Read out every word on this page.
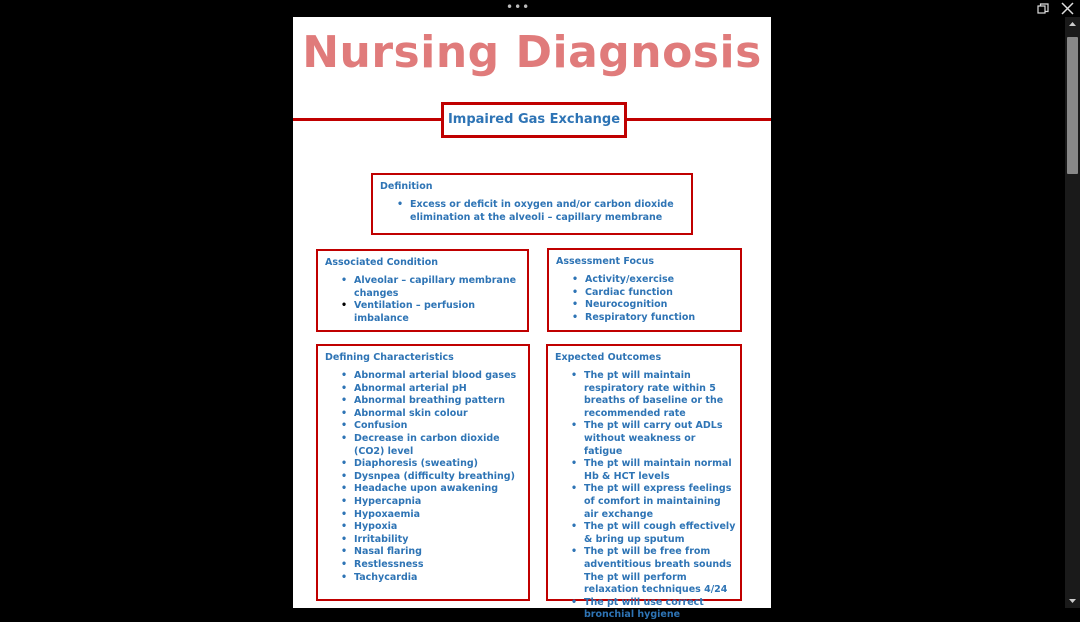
•••
Nursing Diagnosis
Impaired Gas Exchange
Definition
• Excess or deficit in oxygen and/or carbon dioxide elimination at the alveoli – capillary membrane
Associated Condition
• Alveolar – capillary membrane changes
• Ventilation – perfusion imbalance
Assessment Focus
• Activity/exercise
• Cardiac function
• Neurocognition
• Respiratory function
Defining Characteristics
• Abnormal arterial blood gases
• Abnormal arterial pH
• Abnormal breathing pattern
• Abnormal skin colour
• Confusion
• Decrease in carbon dioxide (CO2) level
• Diaphoresis (sweating)
• Dysnpea (difficulty breathing)
• Headache upon awakening
• Hypercapnia
• Hypoxaemia
• Hypoxia
• Irritability
• Nasal flaring
• Restlessness
• Tachycardia
Expected Outcomes
• The pt will maintain respiratory rate within 5 breaths of baseline or the recommended rate
• The pt will carry out ADLs without weakness or fatigue
• The pt will maintain normal Hb & HCT levels
• The pt will express feelings of comfort in maintaining air exchange
• The pt will cough effectively & bring up sputum
• The pt will be free from adventitious breath sounds The pt will perform relaxation techniques 4/24
• The pt will use correct bronchial hygiene
